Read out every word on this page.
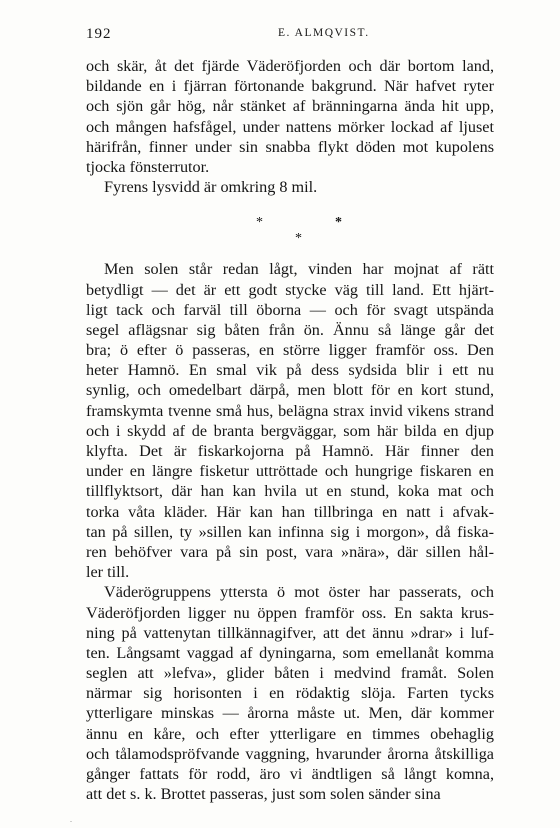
192	E. ALMQVIST.
och skär, åt det fjärde Väderöfjorden och där bortom land,
bildande en i fjärran förtonande bakgrund. När hafvet ryter
och sjön går hög, når stänket af bränningarna ända hit upp,
och mången hafsfågel, under nattens mörker lockad af ljuset
härifrån, finner under sin snabba flykt döden mot kupolens
tjocka fönsterrutor.
Fyrens lysvidd är omkring 8 mil.
*	*
*
Men solen står redan lågt, vinden har mojnat af rätt
betydligt — det är ett godt stycke väg till land. Ett hjärt-
ligt tack och farväl till öborna — och för svagt utspända
segel aflägsnar sig båten från ön. Ännu så länge går det
bra; ö efter ö passeras, en större ligger framför oss. Den
heter Hamnö. En smal vik på dess sydsida blir i ett nu
synlig, och omedelbart därpå, men blott för en kort stund,
framskymta tvenne små hus, belägna strax invid vikens strand
och i skydd af de branta bergväggar, som här bilda en djup
klyfta. Det är fiskarkojorna på Hamnö. Här finner den
under en längre fisketur uttröttade och hungrige fiskaren en
tillflyktsort, där han kan hvila ut en stund, koka mat och
torka våta kläder. Här kan han tillbringa en natt i afvak-
tan på sillen, ty »sillen kan infinna sig i morgon», då fiska-
ren behöfver vara på sin post, vara »nära», där sillen hål-
ler till.
Väderögruppens yttersta ö mot öster har passerats, och
Väderöfjorden ligger nu öppen framför oss. En sakta krus-
ning på vattenytan tillkännagifver, att det ännu »drar» i luf-
ten. Långsamt vaggad af dyningarna, som emellanåt komma
seglen att »lefva», glider båten i medvind framåt. Solen
närmar sig horisonten i en rödaktig slöja. Farten tycks
ytterligare minskas — årorna måste ut. Men, där kommer
ännu en kåre, och efter ytterligare en timmes obehaglig
och tålamodspröfvande vaggning, hvarunder årorna åtskilliga
gånger fattats för rodd, äro vi ändtligen så långt komna,
att det s. k. Brottet passeras, just som solen sänder sina
.
